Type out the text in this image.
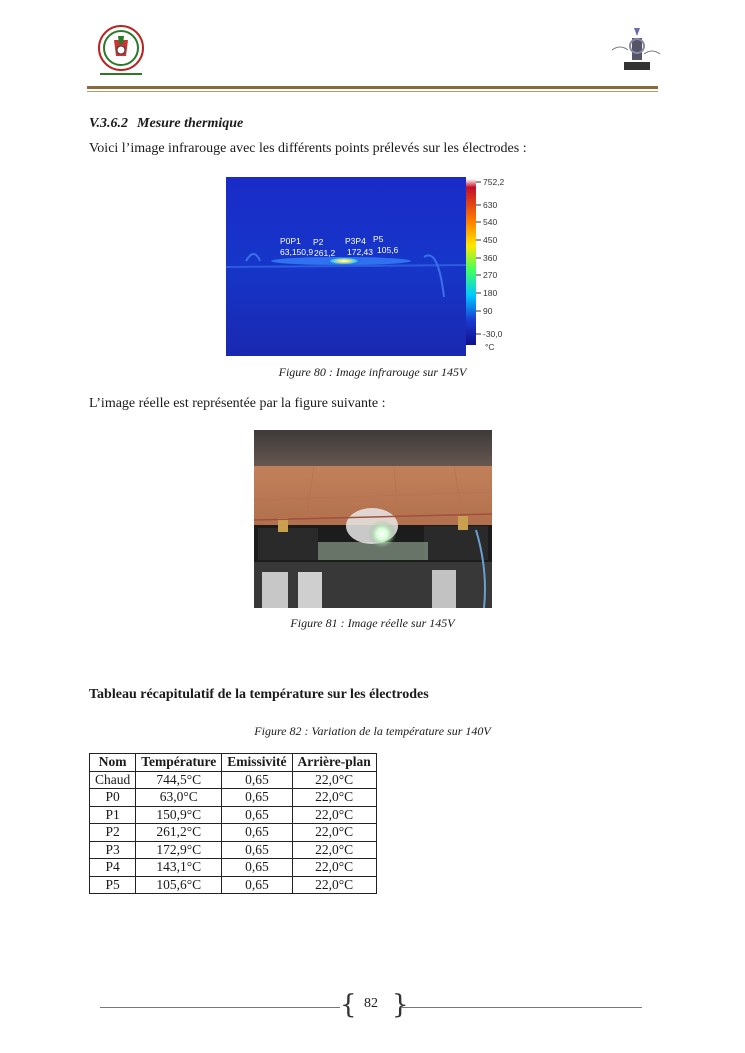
V.3.6.2 Mesure thermique
Voici l’image infrarouge avec les différents points prélevés sur les électrodes :
P0P1 P2	P3P4 P5
63,150,9 261,2 172,43 105,6
752,2
630
540
450
360
270
180
90
-30,0
°C
Figure 80 : Image infrarouge sur 145V
L’image réelle est représentée par la figure suivante :
Figure 81 : Image réelle sur 145V
Tableau récapitulatif de la température sur les électrodes
Figure 82 : Variation de la température sur 140V
Nom	Température	Emissivité	Arrière-plan
Chaud	744,5°C	0,65	22,0°C
P0	63,0°C	0,65	22,0°C
P1	150,9°C	0,65	22,0°C
P2	261,2°C	0,65	22,0°C
P3	172,9°C	0,65	22,0°C
P4	143,1°C	0,65	22,0°C
P5	105,6°C	0,65	22,0°C
{ }
82
